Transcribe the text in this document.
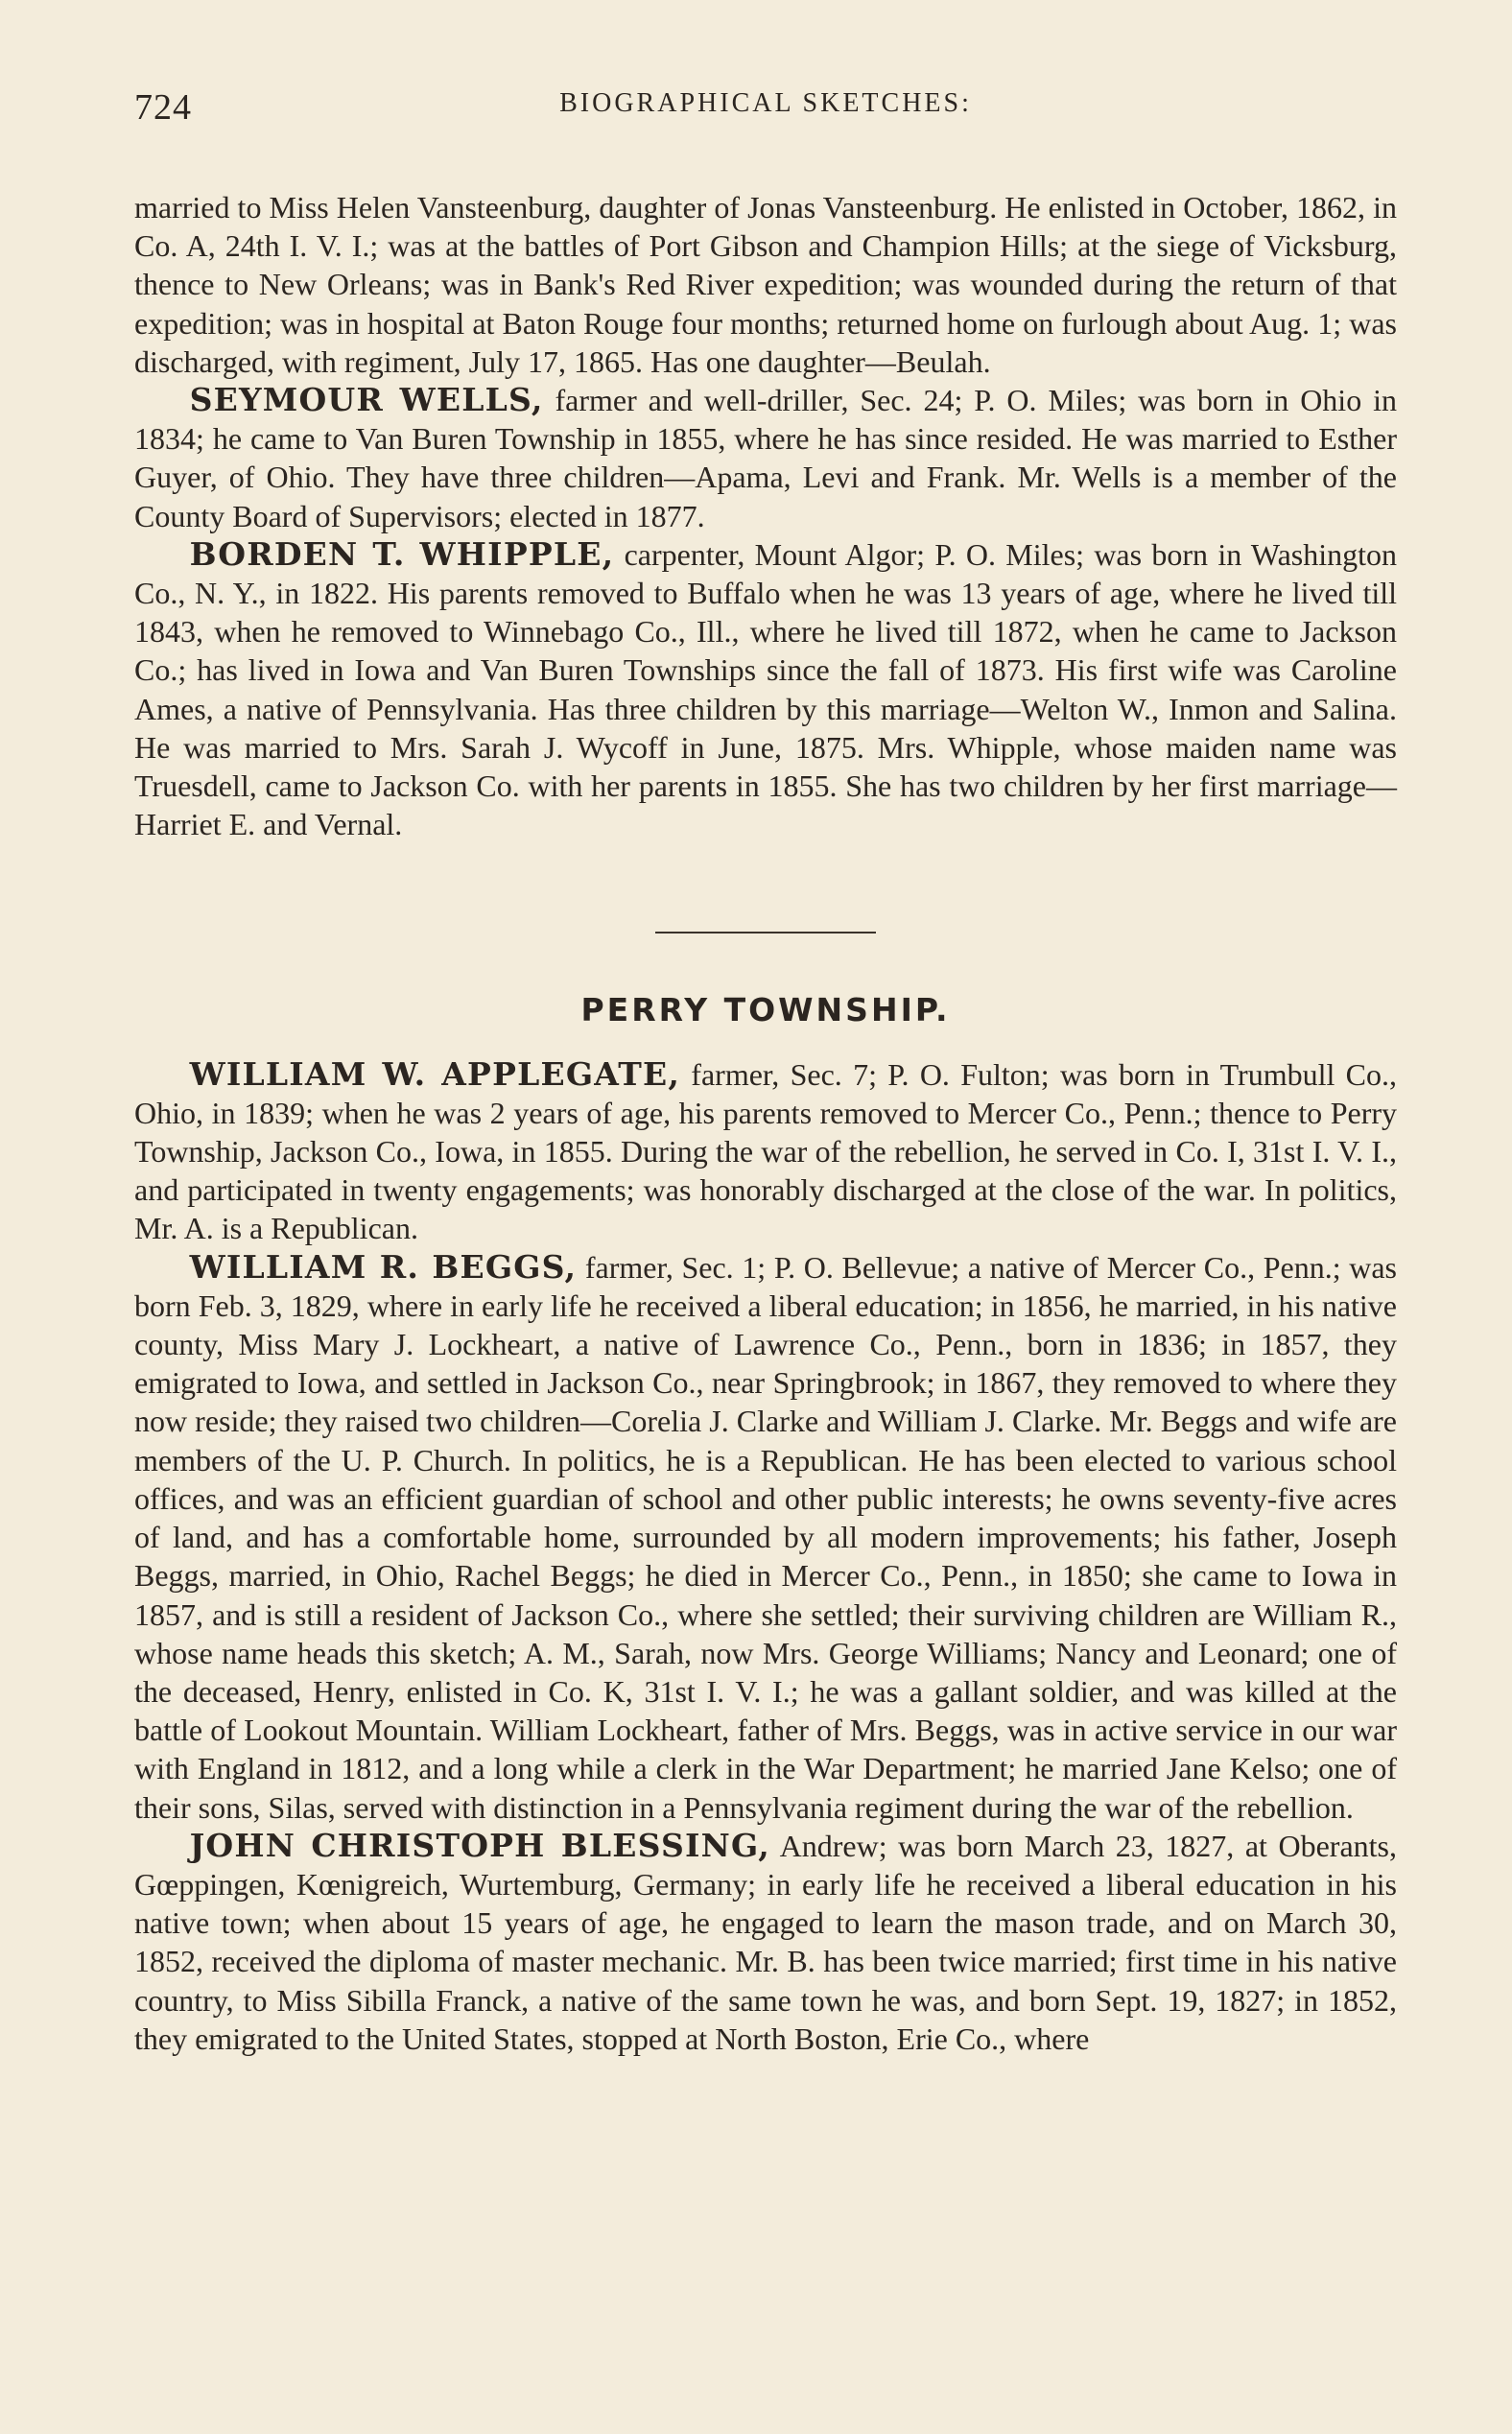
724	BIOGRAPHICAL SKETCHES:

married to Miss Helen Vansteenburg, daughter of Jonas Vansteenburg. He enlisted in October, 1862, in Co. A, 24th I. V. I.; was at the battles of Port Gibson and Champion Hills; at the siege of Vicksburg, thence to New Orleans; was in Bank's Red River expedition; was wounded during the return of that expedition; was in hospital at Baton Rouge four months; returned home on furlough about Aug. 1; was discharged, with regiment, July 17, 1865. Has one daughter—Beulah.

SEYMOUR WELLS, farmer and well-driller, Sec. 24; P. O. Miles; was born in Ohio in 1834; he came to Van Buren Township in 1855, where he has since resided. He was married to Esther Guyer, of Ohio. They have three children—Apama, Levi and Frank. Mr. Wells is a member of the County Board of Supervisors; elected in 1877.

BORDEN T. WHIPPLE, carpenter, Mount Algor; P. O. Miles; was born in Washington Co., N. Y., in 1822. His parents removed to Buffalo when he was 13 years of age, where he lived till 1843, when he removed to Winnebago Co., Ill., where he lived till 1872, when he came to Jackson Co.; has lived in Iowa and Van Buren Townships since the fall of 1873. His first wife was Caroline Ames, a native of Pennsylvania. Has three children by this marriage—Welton W., Inmon and Salina. He was married to Mrs. Sarah J. Wycoff in June, 1875. Mrs. Whipple, whose maiden name was Truesdell, came to Jackson Co. with her parents in 1855. She has two children by her first marriage—Harriet E. and Vernal.

PERRY TOWNSHIP.

WILLIAM W. APPLEGATE, farmer, Sec. 7; P. O. Fulton; was born in Trumbull Co., Ohio, in 1839; when he was 2 years of age, his parents removed to Mercer Co., Penn.; thence to Perry Township, Jackson Co., Iowa, in 1855. During the war of the rebellion, he served in Co. I, 31st I. V. I., and participated in twenty engagements; was honorably discharged at the close of the war. In politics, Mr. A. is a Republican.

WILLIAM R. BEGGS, farmer, Sec. 1; P. O. Bellevue; a native of Mercer Co., Penn.; was born Feb. 3, 1829, where in early life he received a liberal education; in 1856, he married, in his native county, Miss Mary J. Lockheart, a native of Lawrence Co., Penn., born in 1836; in 1857, they emigrated to Iowa, and settled in Jackson Co., near Springbrook; in 1867, they removed to where they now reside; they raised two children—Corelia J. Clarke and William J. Clarke. Mr. Beggs and wife are members of the U. P. Church. In politics, he is a Republican. He has been elected to various school offices, and was an efficient guardian of school and other public interests; he owns seventy-five acres of land, and has a comfortable home, surrounded by all modern improvements; his father, Joseph Beggs, married, in Ohio, Rachel Beggs; he died in Mercer Co., Penn., in 1850; she came to Iowa in 1857, and is still a resident of Jackson Co., where she settled; their surviving children are William R., whose name heads this sketch; A. M., Sarah, now Mrs. George Williams; Nancy and Leonard; one of the deceased, Henry, enlisted in Co. K, 31st I. V. I.; he was a gallant soldier, and was killed at the battle of Lookout Mountain. William Lockheart, father of Mrs. Beggs, was in active service in our war with England in 1812, and a long while a clerk in the War Department; he married Jane Kelso; one of their sons, Silas, served with distinction in a Pennsylvania regiment during the war of the rebellion.

JOHN CHRISTOPH BLESSING, Andrew; was born March 23, 1827, at Oberants, Gœppingen, Kœnigreich, Wurtemburg, Germany; in early life he received a liberal education in his native town; when about 15 years of age, he engaged to learn the mason trade, and on March 30, 1852, received the diploma of master mechanic. Mr. B. has been twice married; first time in his native country, to Miss Sibilla Franck, a native of the same town he was, and born Sept. 19, 1827; in 1852, they emigrated to the United States, stopped at North Boston, Erie Co., where
